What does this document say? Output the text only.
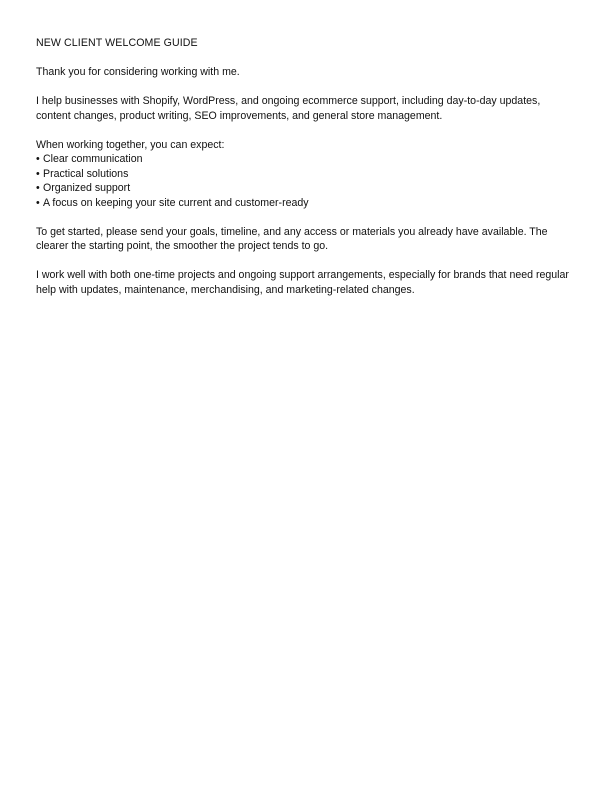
NEW CLIENT WELCOME GUIDE

Thank you for considering working with me.

I help businesses with Shopify, WordPress, and ongoing ecommerce support, including day-to-day updates, content changes, product writing, SEO improvements, and general store management.

When working together, you can expect:

• Clear communication
• Practical solutions
• Organized support
• A focus on keeping your site current and customer-ready

To get started, please send your goals, timeline, and any access or materials you already have available. The clearer the starting point, the smoother the project tends to go.

I work well with both one-time projects and ongoing support arrangements, especially for brands that need regular help with updates, maintenance, merchandising, and marketing-related changes.
